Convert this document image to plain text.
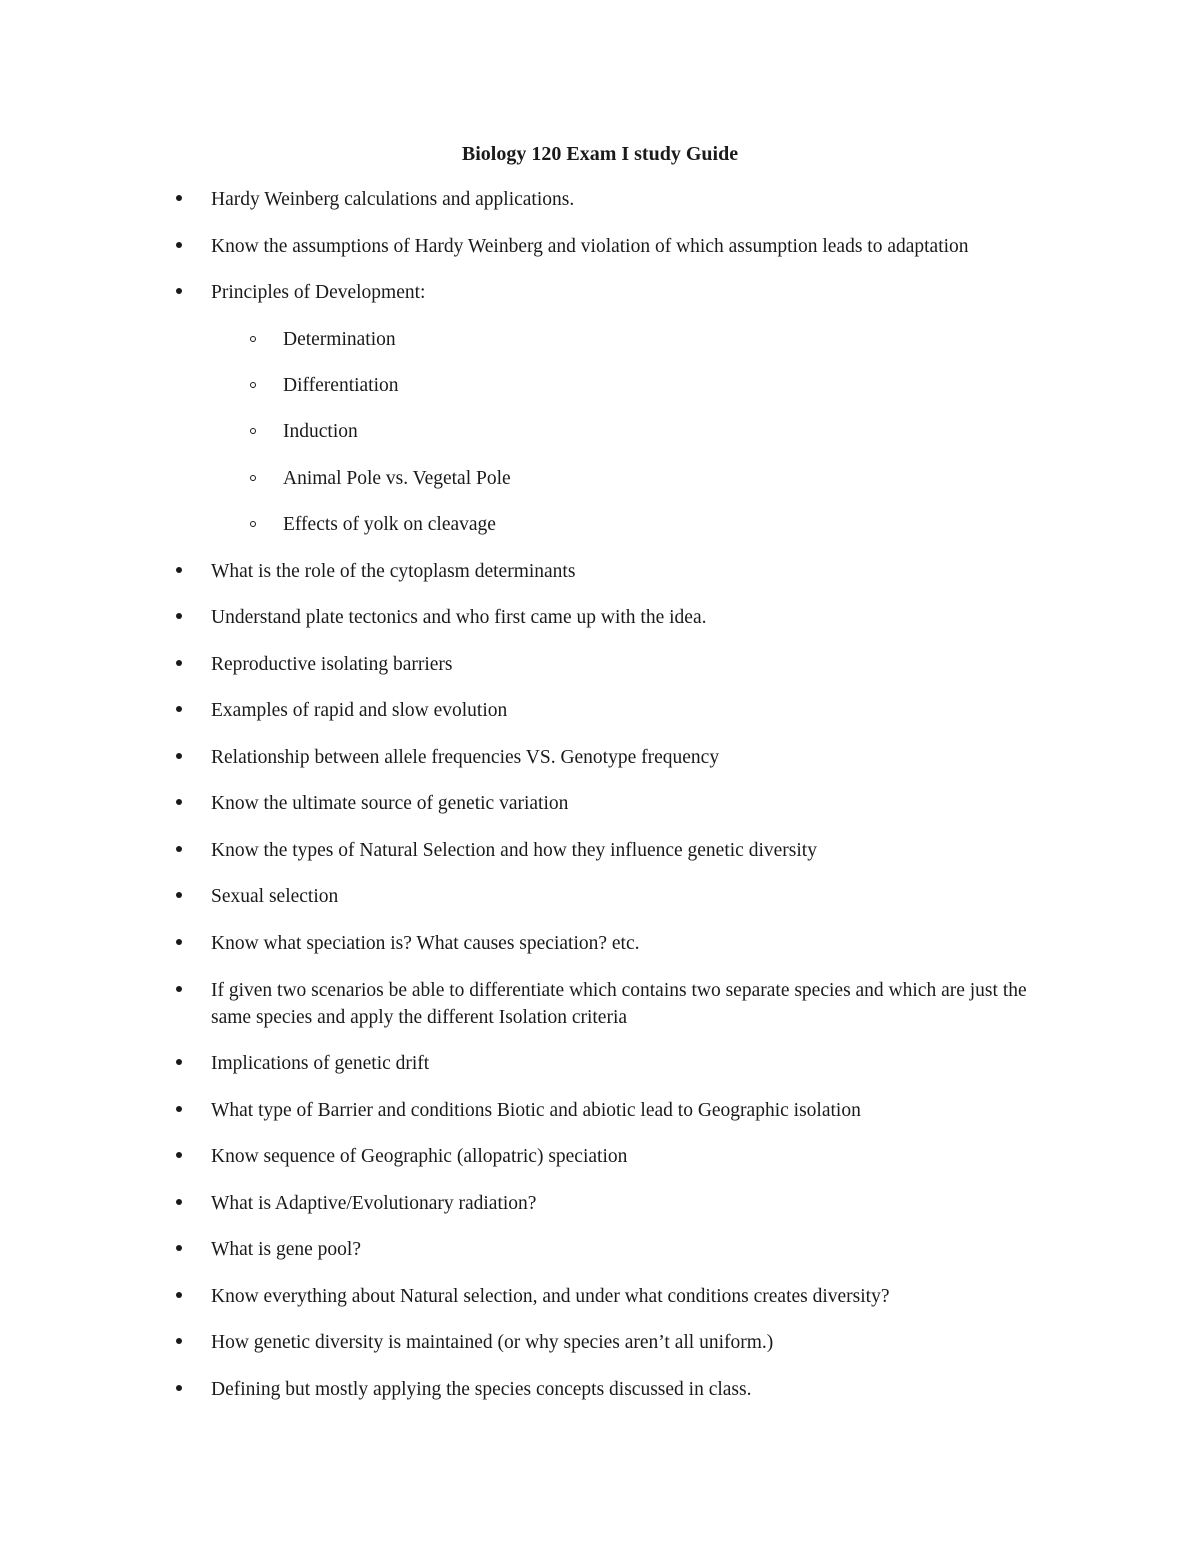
Biology 120 Exam I study Guide
Hardy Weinberg calculations and applications.
Know the assumptions of Hardy Weinberg and violation of which assumption leads to adaptation
Principles of Development:
Determination
Differentiation
Induction
Animal Pole vs. Vegetal Pole
Effects of yolk on cleavage
What is the role of the cytoplasm determinants
Understand plate tectonics and who first came up with the idea.
Reproductive isolating barriers
Examples of rapid and slow evolution
Relationship between allele frequencies VS. Genotype frequency
Know the ultimate source of genetic variation
Know the types of Natural Selection and how they influence genetic diversity
Sexual selection
Know what speciation is? What causes speciation? etc.
If given two scenarios be able to differentiate which contains two separate species and which are just the same species and apply the different Isolation criteria
Implications of genetic drift
What type of Barrier and conditions Biotic and abiotic lead to Geographic isolation
Know sequence of Geographic (allopatric) speciation
What is Adaptive/Evolutionary radiation?
What is gene pool?
Know everything about Natural selection, and under what conditions creates diversity?
How genetic diversity is maintained (or why species aren’t all uniform.)
Defining but mostly applying the species concepts discussed in class.
